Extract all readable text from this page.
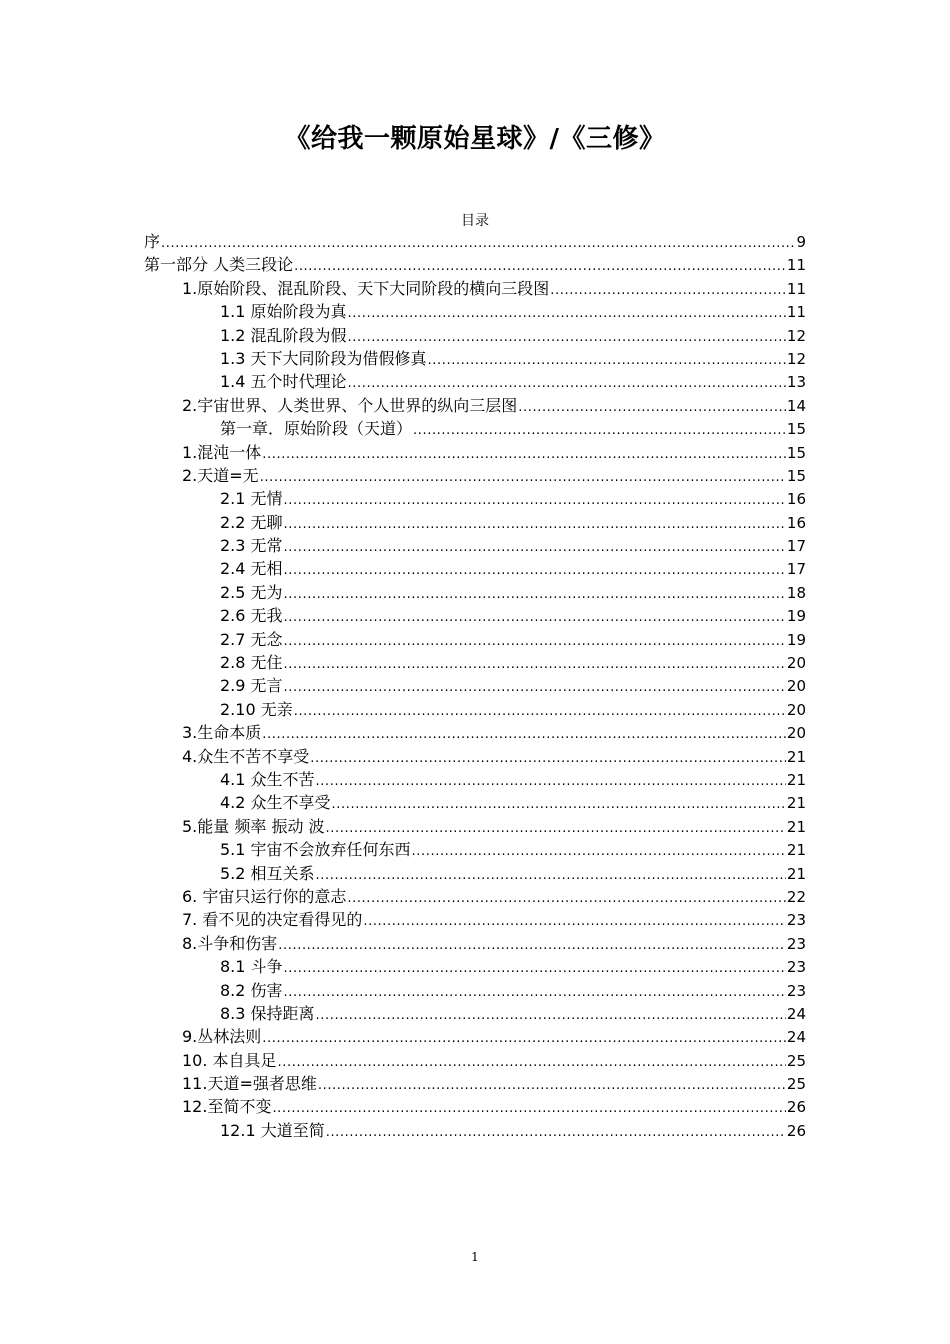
《给我一颗原始星球》/《三修》
目录
序 .....	9
第一部分 人类三段论 .....	11
1.原始阶段、混乱阶段、天下大同阶段的横向三段图 .....	11
1.1 原始阶段为真 .....	11
1.2 混乱阶段为假 .....	12
1.3 天下大同阶段为借假修真 .....	12
1.4 五个时代理论 .....	13
2.宇宙世界、人类世界、个人世界的纵向三层图 .....	14
第一章．原始阶段（天道） .....	15
1.混沌一体 .....	15
2.天道=无 .....	15
2.1 无情 .....	16
2.2 无聊 .....	16
2.3 无常 .....	17
2.4 无相 .....	17
2.5 无为 .....	18
2.6 无我 .....	19
2.7 无念 .....	19
2.8 无住 .....	20
2.9 无言 .....	20
2.10 无亲 .....	20
3.生命本质 .....	20
4.众生不苦不享受 .....	21
4.1 众生不苦 .....	21
4.2 众生不享受 .....	21
5.能量 频率 振动 波 .....	21
5.1 宇宙不会放弃任何东西 .....	21
5.2 相互关系 .....	21
6. 宇宙只运行你的意志 .....	22
7. 看不见的决定看得见的 .....	23
8.斗争和伤害 .....	23
8.1 斗争 .....	23
8.2 伤害 .....	23
8.3 保持距离 .....	24
9.丛林法则 .....	24
10. 本自具足 .....	25
11.天道=强者思维 .....	25
12.至简不变 .....	26
12.1 大道至简 .....	26
1
